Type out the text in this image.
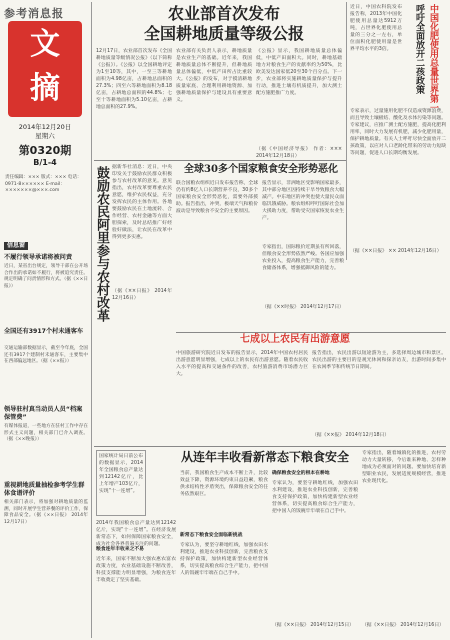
参考消息报
文
摘
2014年12月20日
星期六
第0320期
B/1-4
责任编辑：××× 版式：××× 电话：0971-8×××××× E-mail：×××××××@×××.com
农业部首次发布
全国耕地质量等级公报
12月17日，农业部首次发布《全国耕地质量等级情况公报》（以下简称《公报》）。《公报》以全国耕地评定为1至10等，其中，一至三等耕地面积为4.98亿亩，占耕地总面积的27.3%；四至六等耕地面积为8.18亿亩，占耕地总面积的44.8%；七至十等耕地面积为5.10亿亩，占耕地总面积的27.9%。
农业部有关负责人表示，耕地质量是农业生产的基础。近年来，我国耕地质量总体不断提升，但耕地质量总体偏低，中低产田所占比重较大。《公报》的发布，对于摸清耕地质量家底、合理利用耕地资源、加强耕地质量保护与建设具有重要意义。
《公报》显示，我国耕地质量总体偏低，中低产田面积大。同时，耕地基础地力对粮食生产的贡献率约为50%，比欧美发达国家低20至30个百分点。下一步，农业部将实施耕地质量保护与提升行动，推进土壤有机质提升，加大测土配方施肥推广力度。
（据《中国经济导报》 作者：××× 2014年12月18日）
近日，中国农科院发布报告称，2013年中国化肥使用总量达5912万吨，占世界化肥使用总量的三分之一左右，单位面积化肥使用量是世界平均水平的3倍。	中国化肥使用总量世界第一
呼吁全面放开二孩政策
专家表示，过量施用化肥不仅造成资源浪费，而且导致土壤板结、酸化及水体污染等问题。专家建议，应推广测土配方施肥，提高化肥利用率，同时大力发展有机肥，减少化肥用量，保护耕地质量。有关人士呼吁尽快全面放开二孩政策，以应对人口老龄化带来的劳动力短缺等问题，促进人口长期均衡发展。
（据《××日报》 ×× 2014年12月16日）
鼓励农民阿里参与农村改革 据新华社消息：近日，中央印发关于鼓励农民群众积极参与农村改革的意见。意见指出，农村改革要尊重农民意愿，维护农民权益，充分发挥农民的主体作用。各地要鼓励农民在土地流转、合作经营、农村金融等方面大胆探索，及时总结推广好经验好做法，让农民在改革中得到更多实惠。
（据《××日报》 2014年12月16日）
全球30多个国家粮食安全形势恶化
联合国粮农组织近日发布报告称，全球仍有约8亿人口长期营养不良，30多个国家粮食安全形势恶化，需要外部援助。报告指出，冲突、极端天气和粮价波动是导致粮食不安全的主要原因。
报告显示，非洲地区受影响国家最多，其中部分地区因持续干旱导致粮食大幅减产。中东地区的冲突也使大量民众面临饥饿威胁。粮农组织呼吁国际社会加大援助力度，帮助受灾国家恢复农业生产。
专家指出，国际粮价近期虽有所回落，但粮食安全形势依然严峻。各国应加强农业投入，提高粮食生产能力，完善粮食储备体系，增强抵御风险的能力。
（据《××时报》 2014年12月17日）
七成以上农民有出游意愿
中国旅游研究院近日发布的报告显示，2014年中国农村居民出游意愿明显增强，七成以上的农民有出游意愿。随着农民收入水平的提高和交通条件的改善，农村旅游消费市场潜力巨大。
报告指出，农民出游以短途游为主，多选择周边城市和景区。农民出游的主要目的是观光休闲和探亲访友，出游时间多集中在农闲季节和传统节日期间。
（据《××报》 2014年12月18日）
国家统计局日前公布的数据显示，2014年全国粮食总产量达到12142亿斤，比上年增产103亿斤，实现“十一连增”。
从连年丰收看新常态下粮食安全
2014年我国粮食总产量达到12142亿斤，实现“十一连增”。在经济发展新常态下，如何保障国家粮食安全，成为社会各界普遍关注的问题。
粮食连年丰收来之不易
近年来，国家不断加大强农惠农富农政策力度，农业基础设施不断改善，科技支撑能力明显增强，为粮食连年丰收奠定了坚实基础。
当前，我国粮食生产成本不断上升，比较效益下降，资源环境约束日益趋紧，粮食供求结构性矛盾突出，保障粮食安全的任务依然艰巨。
新常态下粮食安全面临新挑战
专家认为，要坚守耕地红线，加强农田水利建设，推进农业科技创新，完善粮食支持保护政策，加快构建新型农业经营体系，切实提高粮食综合生产能力，把中国人的饭碗牢牢端在自己手中。
确保粮食安全的根本在耕地
专家认为，要坚守耕地红线，加强农田水利建设，推进农业科技创新，完善粮食支持保护政策，加快构建新型农业经营体系，切实提高粮食综合生产能力，把中国人的饭碗牢牢端在自己手中。
（据《××日报》 2014年12月15日）
专家指出，随着城镇化的推进，农村劳动力大量转移，今后谁来种地、怎样种地成为必须面对的问题。要加快培育新型职业农民，发展适度规模经营，推进农业现代化。
（据《××日报》 2014年12月16日）
信息窗
不履行领导承诺将被问责
近日，某省出台规定，领导干部在公开场合作出的承诺如不履行，将被追究责任。规定明确了问责情形和方式。（据《××日报》）
全国还有3917个村未通客车
交通运输部数据显示，截至今年底，全国还有3917个建制村未通客车，主要集中在西部偏远地区。（据《××报》）
领导驻村真当动员人员“档案保管费”
有媒体报道，一些地方在驻村工作中存在形式主义问题，相关部门已介入调查。（据《××晚报》）
重视耕地质量抽检参考学生群体食谱评价
相关部门表示，将加强对耕地质量的监测，同时开展学生营养餐的评价工作，保障食品安全。（据《××日报》 2014年12月17日）
